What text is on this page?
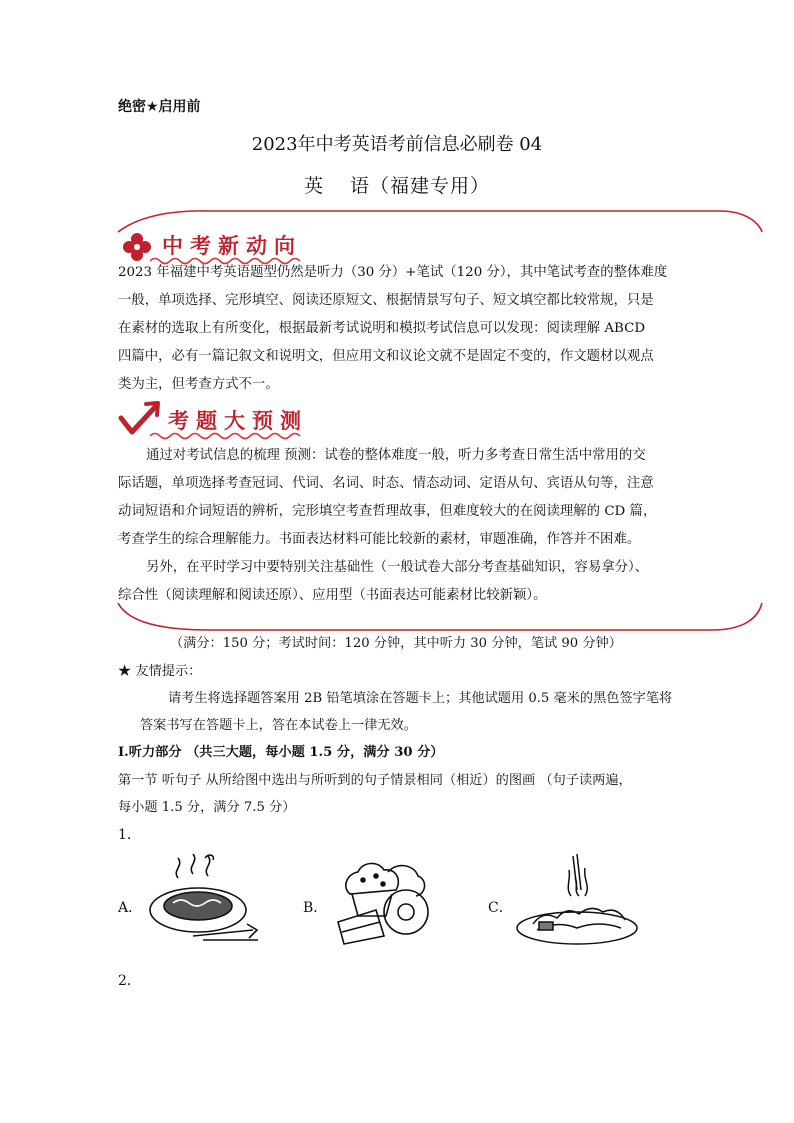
绝密★启用前
2023年中考英语考前信息必刷卷 04
英 语（福建专用）
中考新动向
2023 年福建中考英语题型仍然是听力（30 分）+笔试（120 分），其中笔试考查的整体难度
一般，单项选择、完形填空、阅读还原短文、根据情景写句子、短文填空都比较常规，只是
在素材的选取上有所变化，根据最新考试说明和模拟考试信息可以发现：阅读理解 ABCD
四篇中，必有一篇记叙文和说明文，但应用文和议论文就不是固定不变的，作文题材以观点
类为主，但考查方式不一。
考题大预测
通过对考试信息的梳理 预测：试卷的整体难度一般，听力多考查日常生活中常用的交
际话题，单项选择考查冠词、代词、名词、时态、情态动词、定语从句、宾语从句等，注意
动词短语和介词短语的辨析，完形填空考查哲理故事，但难度较大的在阅读理解的 CD 篇，
考查学生的综合理解能力。书面表达材料可能比较新的素材，审题准确，作答并不困难。
另外，在平时学习中要特别关注基础性（一般试卷大部分考查基础知识，容易拿分）、
综合性（阅读理解和阅读还原）、应用型（书面表达可能素材比较新颖）。
（满分：150 分；考试时间：120 分钟，其中听力 30 分钟，笔试 90 分钟）
★ 友情提示：
请考生将选择题答案用 2B 铅笔填涂在答题卡上；其他试题用 0.5 毫米的黑色签字笔将
答案书写在答题卡上，答在本试卷上一律无效。
Ⅰ.听力部分 （共三大题，每小题 1.5 分，满分 30 分）
第一节 听句子 从所给图中选出与所听到的句子情景相同（相近）的图画 （句子读两遍，
每小题 1.5 分，满分 7.5 分）
1．
A．	B．	C．
2．
